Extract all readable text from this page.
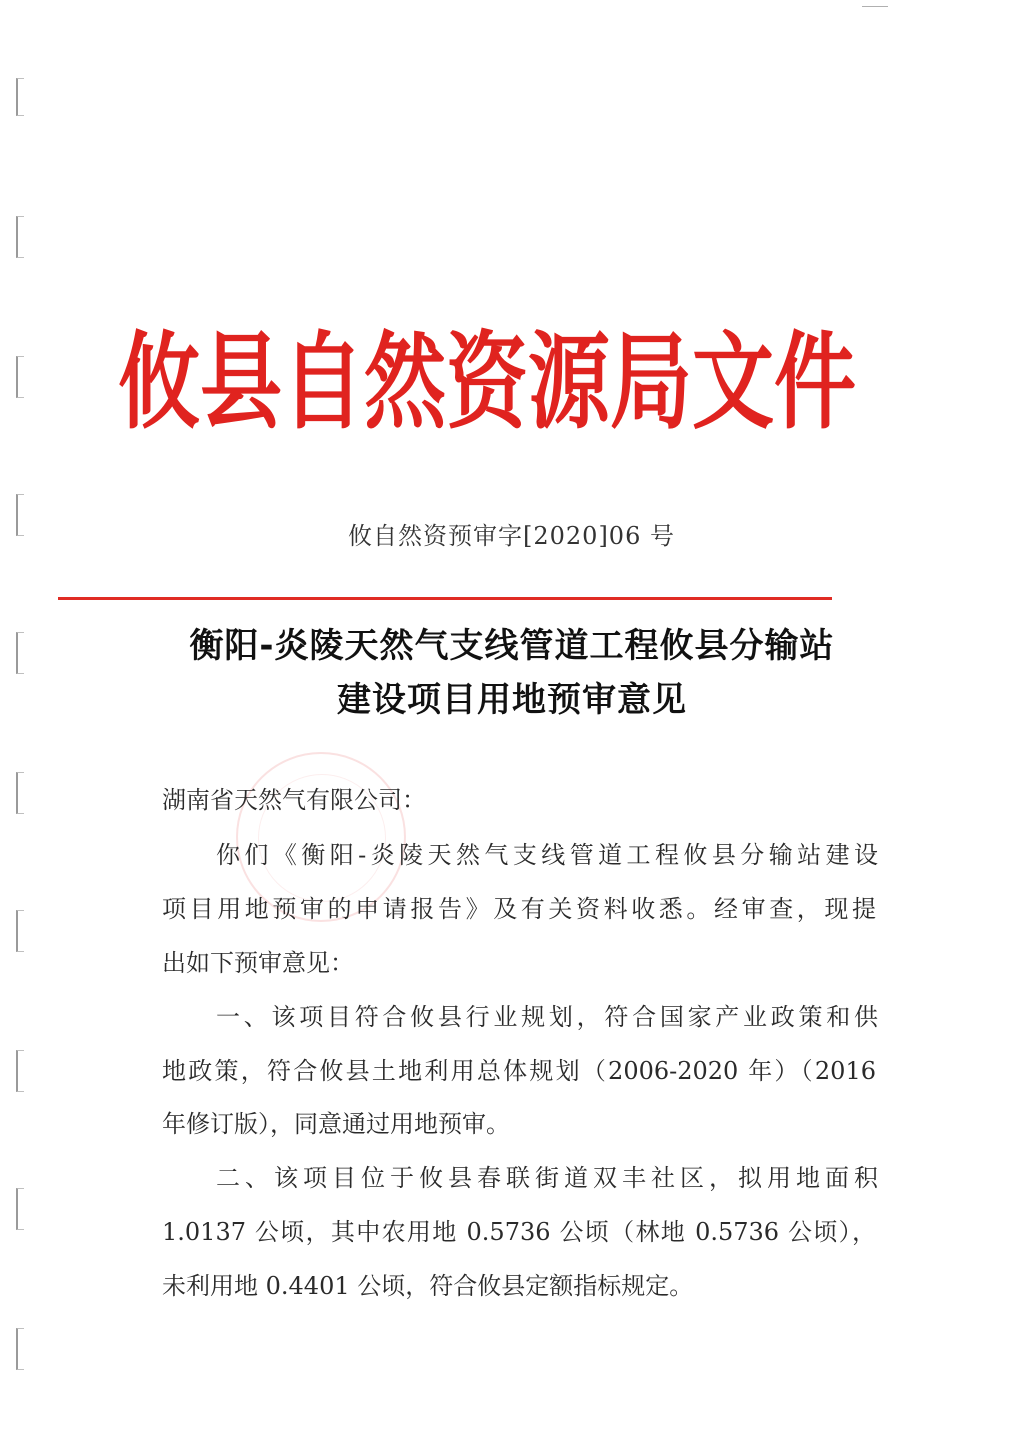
攸县自然资源局文件
攸自然资预审字[2020]06 号
衡阳-炎陵天然气支线管道工程攸县分输站
建设项目用地预审意见
湖南省天然气有限公司：
你们《衡阳-炎陵天然气支线管道工程攸县分输站建设
项目用地预审的申请报告》及有关资料收悉。经审查，现提
出如下预审意见：
一、该项目符合攸县行业规划，符合国家产业政策和供
地政策，符合攸县土地利用总体规划（2006-2020 年）（2016
年修订版），同意通过用地预审。
二、该项目位于攸县春联街道双丰社区，拟用地面积
1.0137 公顷，其中农用地 0.5736 公顷（林地 0.5736 公顷），
未利用地 0.4401 公顷，符合攸县定额指标规定。
